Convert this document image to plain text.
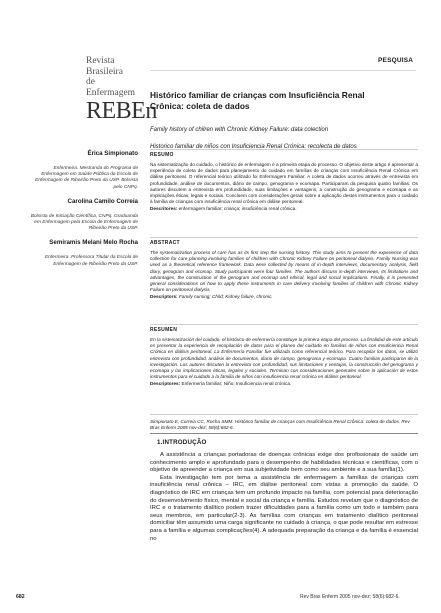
Revista
Brasileira
de Enfermagem
REBEn
PESQUISA
Histórico familiar de crianças com Insuficiência Renal Crônica: coleta de dados
Family history of chilren with Chronic Kidney Failure: data colection
Historico familiar de niños con Insuficiencia Renal Crónica: recolecta de datos
Érica Simpionato
Enfermeira. Mestranda do Programa de Enfermagem em Saúde Pública da Escola de Enfermagem de Ribeirão Preto da USP. Bolsista pelo CNPq.
Carolina Camilo Correia
Bolsista de Iniciação Científica, CNPq. Graduanda em Enfermagem pela Escola de Enfermagem de Ribeirão Preto da USP.
Semiramis Melani Melo Rocha
Enfermeira. Professora Titular da Escola de Enfermagem de Ribeirão Preto da USP.
RESUMO
Na sistematização do cuidado, o histórico de enfermagem é a primeira etapa do processo. O objetivo deste artigo é apresentar a experiência de coleta de dados para planejamento do cuidado em famílias de crianças com Insuficiência Renal Crônica em diálise peritoneal. O referencial teórico utilizado foi Enfermagem Familiar. A coleta de dados ocorreu através de entrevista em profundidade, análise de documentos, diário de campo, genograma e ecomapa. Participaram da pesquisa quatro famílias. Os autores discutem a entrevista em profundidade, suas limitações e vantagens, a construção do genograma e ecomapa e as implicações éticas, legais e sociais. Concluem com considerações gerais sobre a aplicação destes instrumentos para o cuidado à família de crianças com insuficiência renal crônica em diálise peritoneal.
Descritores: enfermagem familiar; criança; insuficiência renal crônica.
ABSTRACT
The systematization process of care has as its first step the nursing history. This study aims to present the experience of data collection for care planning involving families of children with Chronic Kidney Failure on peritoneal dialysis. Family Nursing was used as a theoretical reference framework. Data were collected by means of in-depth interviews, documentary analysis, field diary, genogram and ecomap. Study participants were four families. The authors discuss in-depth interviews, its limitations and advantages, the construction of the genogram and ecomap and ethical, legal and social implications. Finally, it is presented general considerations on how to apply these instruments in care delivery involving families of children with Chronic Kidney Failure on peritoneal dialysis.
Descriptors: Family nursing; Child; Kidney failure, chronic.
RESUMEN
En la sistematización del cuidado, el histórico de enfermería constituye la primera etapa del proceso. La finalidad de este artículo es presentar la experiencia de recopilación de datos para el planeo del cuidado en familias de niños con Insuficiencia Renal Crónica en diálisis peritoneal. La Enfermería Familiar fue utilizada como referencial teórico. Para recopilar los datos, se utilizó entrevista con profundidad, análisis de documentos, diario de campo, genograma y ecomapa. Cuatro familias participaron de la investigación. Los autores discuten la entrevista con profundidad, sus limitaciones y ventajas, la construcción del genograma y ecomapa y las implicaciones éticas, legales y sociales. Terminan con consideraciones generales sobre la aplicación de estos instrumentos para el cuidado a la familia de niños con insuficiencia renal crónica en diálisis peritoneal.
Descriptores: Enfermería familiar; Niño; Insuficiencia renal crónica.
Simpionato E, Correia CC, Rocha SMM. Histórico familiar de crianças com Insuficiência Renal Crônica: coleta de dados. Rev Bras Enferm 2005 nov-dez; 58(6):682-6.
1.INTRODUÇÃO

A assistência a crianças portadoras de doenças crônicas exige dos profissionais de saúde um conhecimento amplo e aprofundado para o desempenho de habilidades técnicas e científicas, com o objetivo de apreender a criança em sua subjetividade bem como seu ambiente e a sua família(1).

Esta investigação tem por tema a assistência de enfermagem a famílias de crianças com insuficiência renal crônica – IRC, em diálise peritoneal com vistas a promoção da saúde. O diagnóstico de IRC em crianças tem um profundo impacto na família, com potencial para deterioração do desenvolvimento físico, mental e social da criança e família. Estudos revelam que o diagnóstico de IRC e o tratamento dialítico podem trazer dificuldades para a família como um todo e também para seus membros, em particular(2-3). As famílias com crianças em tratamento dialítico peritoneal domiciliar têm assumido uma carga significante no cuidado à criança, o que pode resultar em estresse para a família e algumas complicações(4). A adequada preparação da criança e da família é essencial no

682	Rev Bras Enferm 2005 nov-dez; 58(6):682-6.
